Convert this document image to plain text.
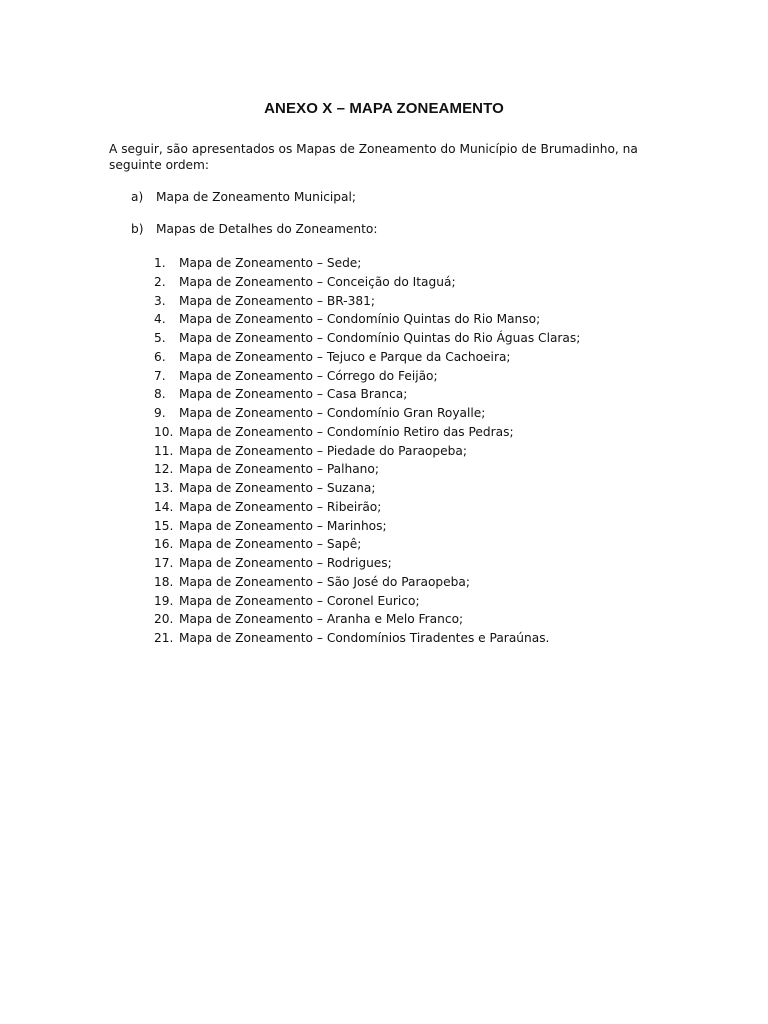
ANEXO X – MAPA ZONEAMENTO

A seguir, são apresentados os Mapas de Zoneamento do Município de Brumadinho, na seguinte ordem:

a) Mapa de Zoneamento Municipal;

b) Mapas de Detalhes do Zoneamento:

1. Mapa de Zoneamento – Sede;
2. Mapa de Zoneamento – Conceição do Itaguá;
3. Mapa de Zoneamento – BR-381;
4. Mapa de Zoneamento – Condomínio Quintas do Rio Manso;
5. Mapa de Zoneamento – Condomínio Quintas do Rio Águas Claras;
6. Mapa de Zoneamento – Tejuco e Parque da Cachoeira;
7. Mapa de Zoneamento – Córrego do Feijão;
8. Mapa de Zoneamento – Casa Branca;
9. Mapa de Zoneamento – Condomínio Gran Royalle;
10. Mapa de Zoneamento – Condomínio Retiro das Pedras;
11. Mapa de Zoneamento – Piedade do Paraopeba;
12. Mapa de Zoneamento – Palhano;
13. Mapa de Zoneamento – Suzana;
14. Mapa de Zoneamento – Ribeirão;
15. Mapa de Zoneamento – Marinhos;
16. Mapa de Zoneamento – Sapê;
17. Mapa de Zoneamento – Rodrigues;
18. Mapa de Zoneamento – São José do Paraopeba;
19. Mapa de Zoneamento – Coronel Eurico;
20. Mapa de Zoneamento – Aranha e Melo Franco;
21. Mapa de Zoneamento – Condomínios Tiradentes e Paraúnas.
